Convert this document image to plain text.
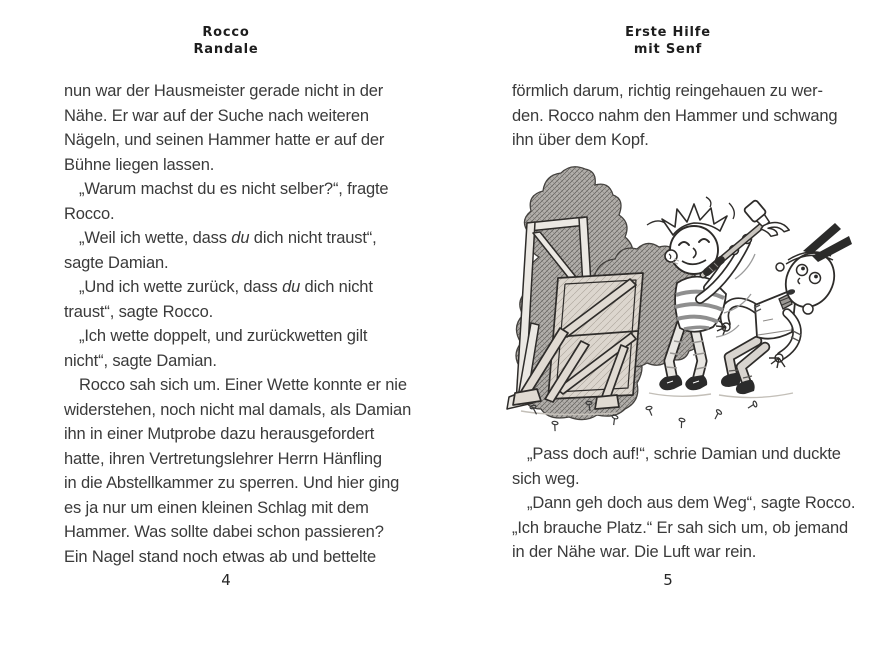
Rocco
Randale
nun war der Hausmeister gerade nicht in der
Nähe. Er war auf der Suche nach weiteren
Nägeln, und seinen Hammer hatte er auf der
Bühne liegen lassen.
„Warum machst du es nicht selber?“, fragte
Rocco.
„Weil ich wette, dass du dich nicht traust“,
sagte Damian.
„Und ich wette zurück, dass du dich nicht
traust“, sagte Rocco.
„Ich wette doppelt, und zurückwetten gilt
nicht“, sagte Damian.
Rocco sah sich um. Einer Wette konnte er nie
widerstehen, noch nicht mal damals, als Damian
ihn in einer Mutprobe dazu herausgefordert
hatte, ihren Vertretungslehrer Herrn Hänfling
in die Abstellkammer zu sperren. Und hier ging
es ja nur um einen kleinen Schlag mit dem
Hammer. Was sollte dabei schon passieren?
Ein Nagel stand noch etwas ab und bettelte
4
Erste Hilfe
mit Senf
förmlich darum, richtig reingehauen zu wer-
den. Rocco nahm den Hammer und schwang
ihn über dem Kopf.
„Pass doch auf!“, schrie Damian und duckte
sich weg.
„Dann geh doch aus dem Weg“, sagte Rocco.
„Ich brauche Platz.“ Er sah sich um, ob jemand
in der Nähe war. Die Luft war rein.
5
